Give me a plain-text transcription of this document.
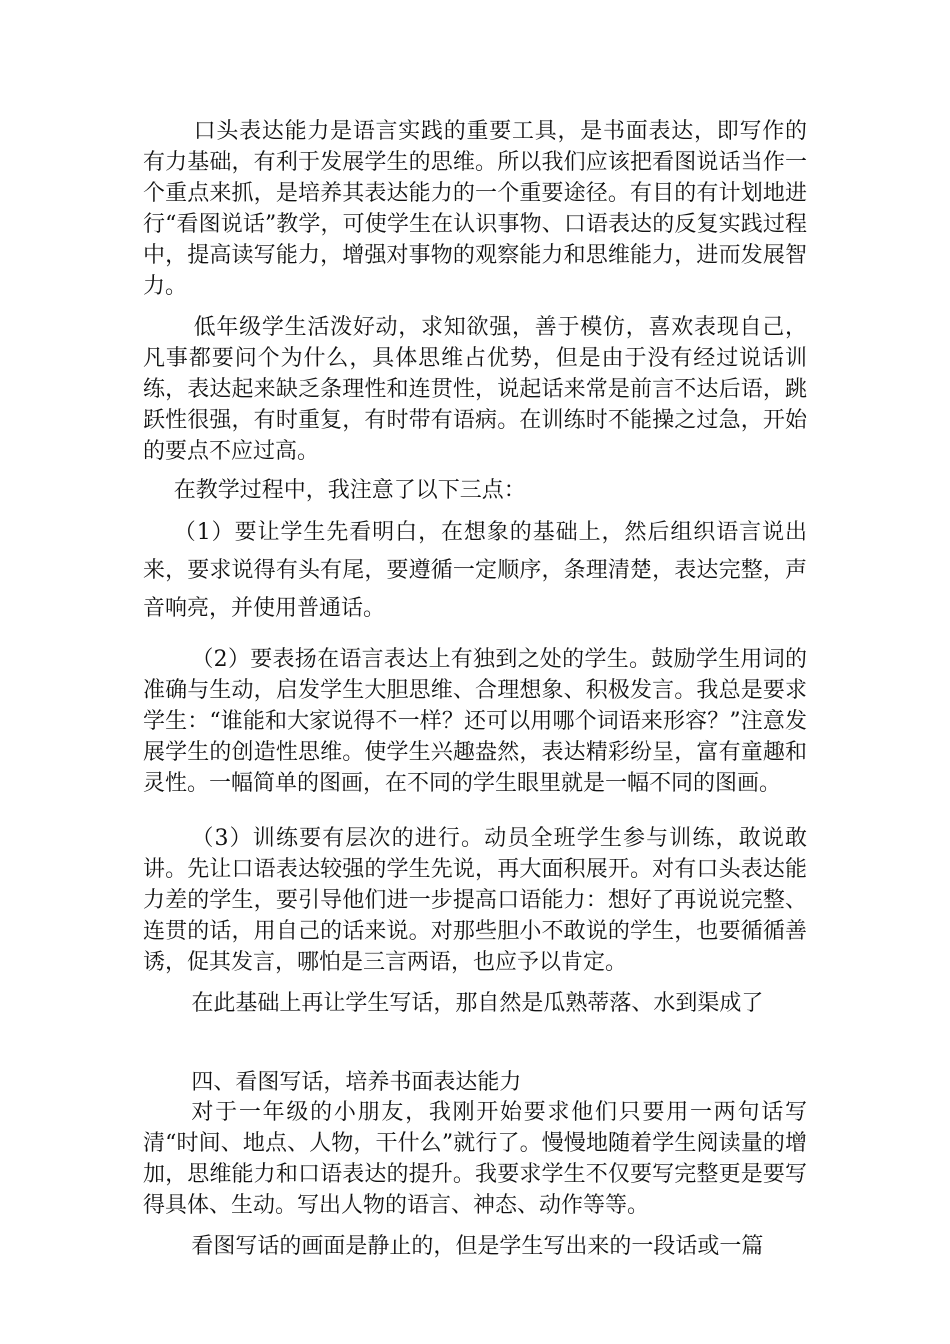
口头表达能力是语言实践的重要工具，是书面表达，即写作的有力基础，有利于发展学生的思维。所以我们应该把看图说话当作一个重点来抓，是培养其表达能力的一个重要途径。有目的有计划地进行“看图说话”教学，可使学生在认识事物、口语表达的反复实践过程中，提高读写能力，增强对事物的观察能力和思维能力，进而发展智力。

低年级学生活泼好动，求知欲强，善于模仿，喜欢表现自己，凡事都要问个为什么，具体思维占优势，但是由于没有经过说话训练，表达起来缺乏条理性和连贯性，说起话来常是前言不达后语，跳跃性很强，有时重复，有时带有语病。在训练时不能操之过急，开始的要点不应过高。

在教学过程中，我注意了以下三点：

（1）要让学生先看明白，在想象的基础上，然后组织语言说出来，要求说得有头有尾，要遵循一定顺序，条理清楚，表达完整，声音响亮，并使用普通话。

（2）要表扬在语言表达上有独到之处的学生。鼓励学生用词的准确与生动，启发学生大胆思维、合理想象、积极发言。我总是要求学生：“谁能和大家说得不一样？还可以用哪个词语来形容？”注意发展学生的创造性思维。使学生兴趣盎然，表达精彩纷呈，富有童趣和灵性。一幅简单的图画，在不同的学生眼里就是一幅不同的图画。

（3）训练要有层次的进行。动员全班学生参与训练，敢说敢讲。先让口语表达较强的学生先说，再大面积展开。对有口头表达能力差的学生，要引导他们进一步提高口语能力：想好了再说说完整、连贯的话，用自己的话来说。对那些胆小不敢说的学生，也要循循善诱，促其发言，哪怕是三言两语，也应予以肯定。

在此基础上再让学生写话，那自然是瓜熟蒂落、水到渠成了

四、看图写话，培养书面表达能力

对于一年级的小朋友，我刚开始要求他们只要用一两句话写清“时间、地点、人物，干什么”就行了。慢慢地随着学生阅读量的增加，思维能力和口语表达的提升。我要求学生不仅要写完整更是要写得具体、生动。写出人物的语言、神态、动作等等。

看图写话的画面是静止的，但是学生写出来的一段话或一篇
